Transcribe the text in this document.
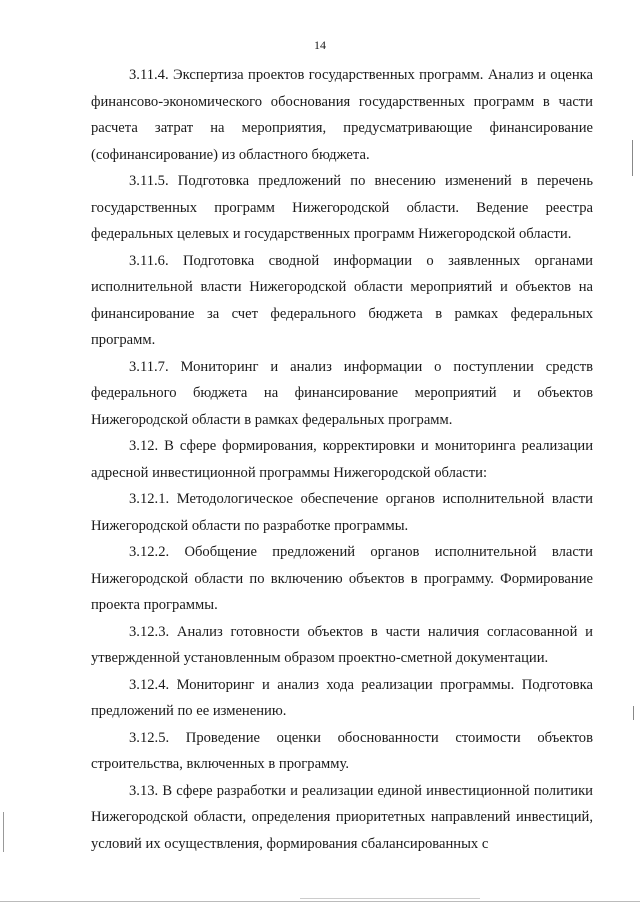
14

3.11.4. Экспертиза проектов государственных программ. Анализ и оценка финансово-экономического обоснования государственных программ в части расчета затрат на мероприятия, предусматривающие финансирование (софинансирование) из областного бюджета.

3.11.5. Подготовка предложений по внесению изменений в перечень государственных программ Нижегородской области. Ведение реестра федеральных целевых и государственных программ Нижегородской области.

3.11.6. Подготовка сводной информации о заявленных органами исполнительной власти Нижегородской области мероприятий и объектов на финансирование за счет федерального бюджета в рамках федеральных программ.

3.11.7. Мониторинг и анализ информации о поступлении средств федерального бюджета на финансирование мероприятий и объектов Нижегородской области в рамках федеральных программ.

3.12. В сфере формирования, корректировки и мониторинга реализации адресной инвестиционной программы Нижегородской области:

3.12.1. Методологическое обеспечение органов исполнительной власти Нижегородской области по разработке программы.

3.12.2. Обобщение предложений органов исполнительной власти Нижегородской области по включению объектов в программу. Формирование проекта программы.

3.12.3. Анализ готовности объектов в части наличия согласованной и утвержденной установленным образом проектно-сметной документации.

3.12.4. Мониторинг и анализ хода реализации программы. Подготовка предложений по ее изменению.

3.12.5. Проведение оценки обоснованности стоимости объектов строительства, включенных в программу.

3.13. В сфере разработки и реализации единой инвестиционной политики Нижегородской области, определения приоритетных направлений инвестиций, условий их осуществления, формирования сбалансированных с
